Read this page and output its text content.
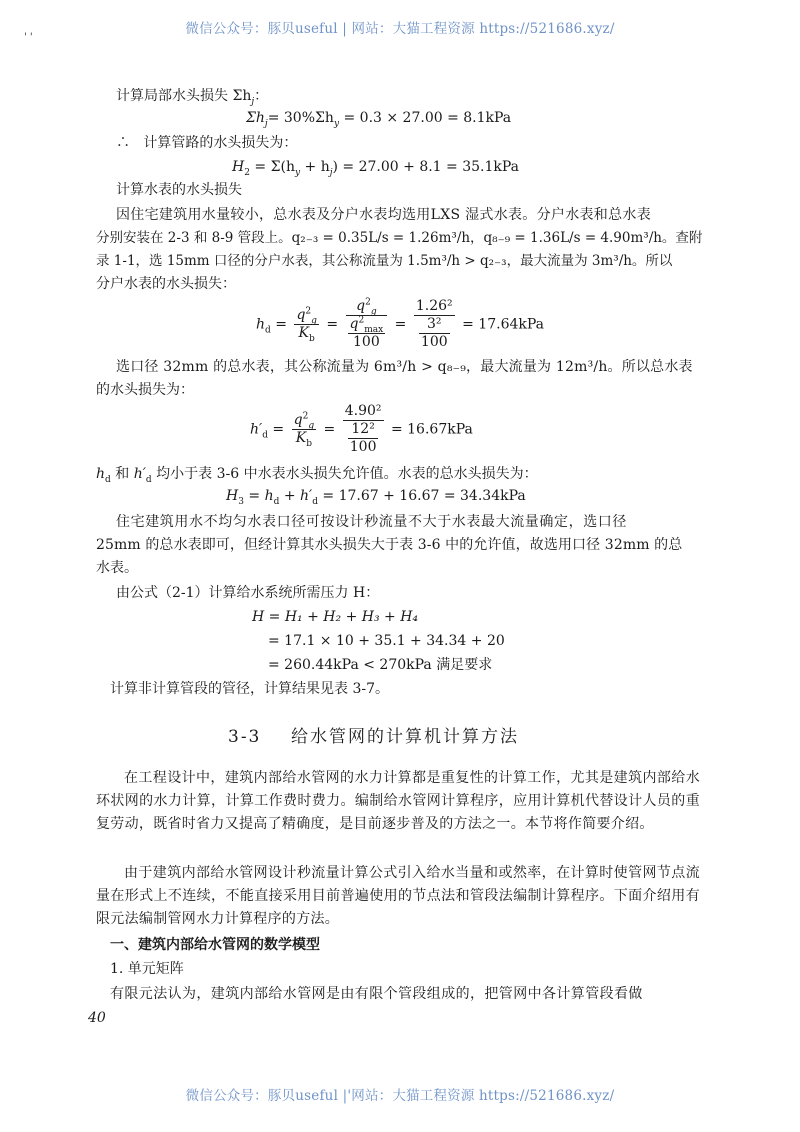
微信公众号：豚贝useful | 网站：大猫工程资源 https://521686.xyz/
' '
计算局部水头损失 $\Sigma h_j$：
$\Sigma h_j= 30\%\Sigma h_y = 0.3 \times 27.00 = 8.1kPa$
∴ 计算管路的水头损失为：
$H_2 = \Sigma(h_y + h_j) = 27.00 + 8.1 = 35.1kPa$
计算水表的水头损失
因住宅建筑用水量较小，总水表及分户水表均选用LXS 湿式水表。分户水表和总水表
分别安装在 2-3 和 8-9 管段上。q₂₋₃ = 0.35L/s = 1.26m³/h，q₈₋₉ = 1.36L/s = 4.90m³/h。查附
录 1-1，选 15mm 口径的分户水表，其公称流量为 1.5m³/h > q₂₋₃，最大流量为 3m³/h。所以
分户水表的水头损失：
$h_d = \frac{q^2_g}{K_b} = \frac{q^2_g}{\frac{q^2_{max}}{100}} = \frac{\text{1.26²}}{\frac{\text{3²}}{100}} = 17.64kPa$
选口径 32mm 的总水表，其公称流量为 6m³/h > q₈₋₉，最大流量为 12m³/h。所以总水表
的水头损失为：
$h'_d = \frac{q^2_g}{K_b} = \frac{\text{4.90²}}{\frac{\text{12²}}{100}} = 16.67kPa$
$h_d$ 和 $h'_d$ 均小于表 3-6 中水表水头损失允许值。水表的总水头损失为：
$H_3 = h_d + h'_d = 17.67 + 16.67 = 34.34kPa$
住宅建筑用水不均匀水表口径可按设计秒流量不大于水表最大流量确定，选口径
25mm 的总水表即可，但经计算其水头损失大于表 3-6 中的允许值，故选用口径 32mm 的总
水表。
由公式（2-1）计算给水系统所需压力 H：
H = H₁ + H₂ + H₃ + H₄
= 17.1 × 10 + 35.1 + 34.34 + 20
= 260.44kPa < 270kPa 满足要求
计算非计算管段的管径，计算结果见表 3-7。
3-3 给水管网的计算机计算方法
在工程设计中，建筑内部给水管网的水力计算都是重复性的计算工作，尤其是建筑内部给水环状网的水力计算，计算工作费时费力。编制给水管网计算程序，应用计算机代替设计人员的重复劳动，既省时省力又提高了精确度，是目前逐步普及的方法之一。本节将作简要介绍。
由于建筑内部给水管网设计秒流量计算公式引入给水当量和或然率，在计算时使管网节点流量在形式上不连续，不能直接采用目前普遍使用的节点法和管段法编制计算程序。下面介绍用有限元法编制管网水力计算程序的方法。
一、建筑内部给水管网的数学模型
1. 单元矩阵
有限元法认为，建筑内部给水管网是由有限个管段组成的，把管网中各计算管段看做
40
微信公众号：豚贝useful |'网站：大猫工程资源 https://521686.xyz/
